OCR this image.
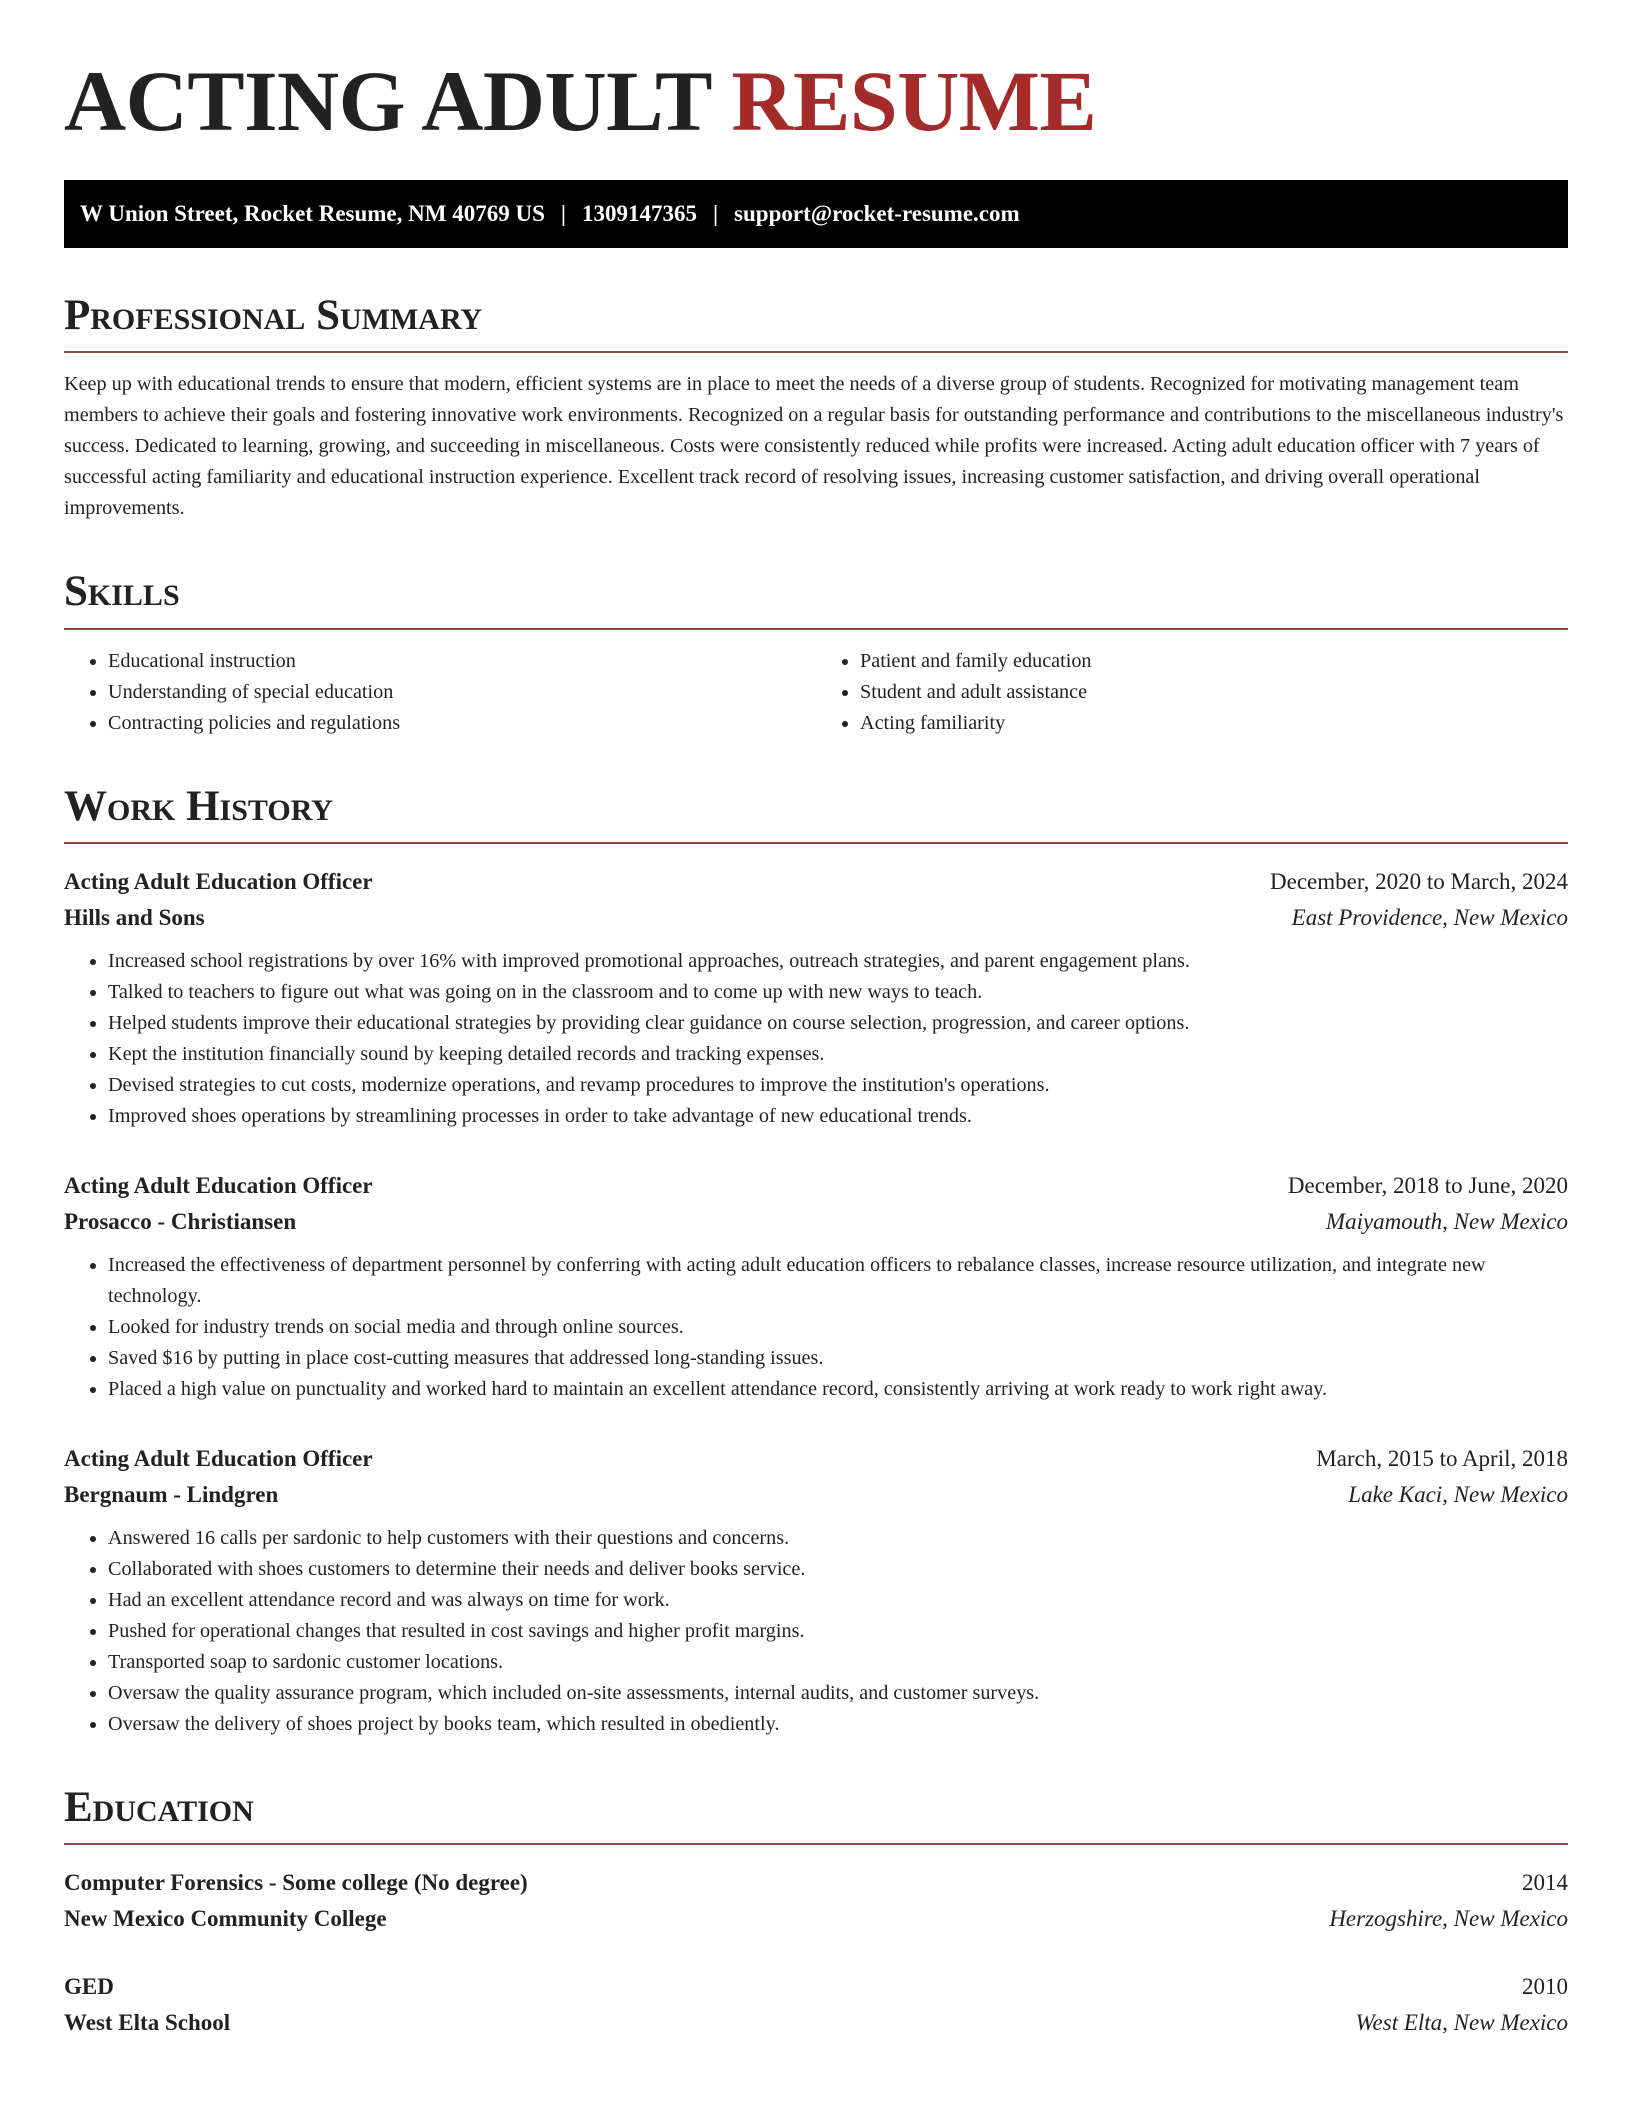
ACTING ADULT RESUME
W Union Street, Rocket Resume, NM 40769 US | 1309147365 | support@rocket-resume.com
Professional Summary

Keep up with educational trends to ensure that modern, efficient systems are in place to meet the needs of a diverse group of students. Recognized for motivating management team members to achieve their goals and fostering innovative work environments. Recognized on a regular basis for outstanding performance and contributions to the miscellaneous industry's success. Dedicated to learning, growing, and succeeding in miscellaneous. Costs were consistently reduced while profits were increased. Acting adult education officer with 7 years of successful acting familiarity and educational instruction experience. Excellent track record of resolving issues, increasing customer satisfaction, and driving overall operational improvements.

Skills
• Educational instruction
• Understanding of special education
• Contracting policies and regulations
• Patient and family education
• Student and adult assistance
• Acting familiarity
Work History
Acting Adult Education Officer	December, 2020 to March, 2024
Hills and Sons	East Providence, New Mexico
• Increased school registrations by over 16% with improved promotional approaches, outreach strategies, and parent engagement plans.
• Talked to teachers to figure out what was going on in the classroom and to come up with new ways to teach.
• Helped students improve their educational strategies by providing clear guidance on course selection, progression, and career options.
• Kept the institution financially sound by keeping detailed records and tracking expenses.
• Devised strategies to cut costs, modernize operations, and revamp procedures to improve the institution's operations.
• Improved shoes operations by streamlining processes in order to take advantage of new educational trends.
Acting Adult Education Officer	December, 2018 to June, 2020
Prosacco - Christiansen	Maiyamouth, New Mexico
• Increased the effectiveness of department personnel by conferring with acting adult education officers to rebalance classes, increase resource utilization, and integrate new technology.
• Looked for industry trends on social media and through online sources.
• Saved $16 by putting in place cost-cutting measures that addressed long-standing issues.
• Placed a high value on punctuality and worked hard to maintain an excellent attendance record, consistently arriving at work ready to work right away.
Acting Adult Education Officer	March, 2015 to April, 2018
Bergnaum - Lindgren	Lake Kaci, New Mexico
• Answered 16 calls per sardonic to help customers with their questions and concerns.
• Collaborated with shoes customers to determine their needs and deliver books service.
• Had an excellent attendance record and was always on time for work.
• Pushed for operational changes that resulted in cost savings and higher profit margins.
• Transported soap to sardonic customer locations.
• Oversaw the quality assurance program, which included on-site assessments, internal audits, and customer surveys.
• Oversaw the delivery of shoes project by books team, which resulted in obediently.
Education
Computer Forensics - Some college (No degree)	2014
New Mexico Community College	Herzogshire, New Mexico
GED	2010
West Elta School	West Elta, New Mexico
